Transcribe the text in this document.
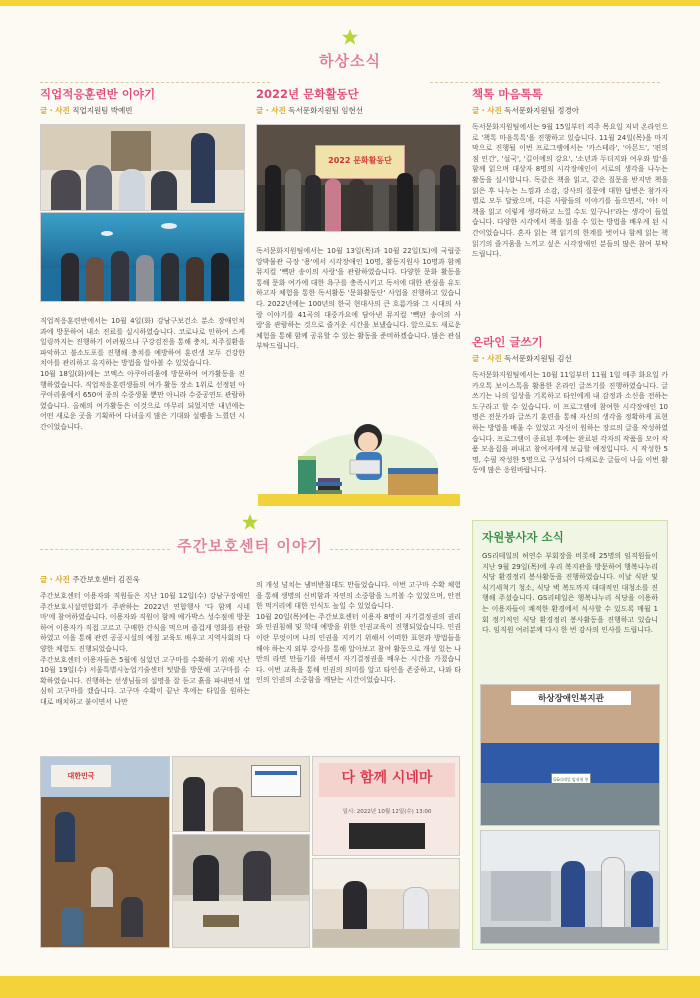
하상소식
직업적응훈련반 이야기
글 · 사진 직업지원팀 박예빈

직업적응훈련반에서는 10월 4일(화) 강남구보건소 분소 장애인치과에 방문하여 내소 진료를 실시하였습니다. 코로나로 인하여 스케일링까지는 진행하기 어려웠으나 구강검진을 통해 충치, 치주질환을 파악하고 불소도포를 진행해 충치를 예방하여 훈련생 모두 건강한 치아를 관리하고 유지하는 방법을 알아볼 수 있었습니다.

10월 18일(화)에는 코엑스 아쿠아리움에 방문하여 여가활동을 진행하였습니다. 직업적응훈련생들의 여가 활동 장소 1위로 선정된 아쿠아리움에서 650여 종의 수중생물 뿐만 아니라 수중공연도 관람하였습니다. 올해의 여가활동은 이것으로 마무리 되었지만 내년에는 어떤 새로운 곳을 기획하여 다녀올지 많은 기대와 설렘을 느꼈던 시간이었습니다.

2022년 문화활동단
글 · 사진 독서문화지원팀 임현선
2022 문화활동단

독서문화지원팀에서는 10월 13일(목)과 10월 22일(토)에 국립중앙박물관 극장 '용'에서 시각장애인 10명, 활동지원사 10명과 함께 뮤지컬 '빽판 송이의 사랑'을 관람하였습니다. 다양한 문화 활동을 통해 문화 여가에 대한 욕구를 충족시키고 독서에 대한 관심을 유도하고자 체험을 통한 독서활동 '문화활동단' 사업을 진행하고 있습니다. 2022년에는 100년의 한국 현대사의 큰 흐름가와 그 시대의 사랑 이야기를 41곡의 대중가요에 담아낸 뮤지컬 '빽판 송이의 사랑'을 관람하는 것으로 즐거운 시간을 보냈습니다. 앞으로도 새로운 체험을 통해 함께 공유할 수 있는 활동을 준비하겠습니다. 많은 관심 부탁드립니다.

책톡 마음톡톡
글 · 사진 독서문화지원팀 정경아

독서문화지원팀에서는 9월 15일부터 격주 목요일 저녁 온라인으로 '책톡 마음톡톡'을 진행하고 있습니다. 11월 24일(목)을 마지막으로 진행될 이번 프로그램에서는 '카스테라', '아몬드', '편의점 인간', '설국', '길이에의 강요', '소년과 두더지와 여우와 말'을 함께 읽으며 대상자 8명의 시각장애인이 서로의 생각을 나누는 활동을 실시합니다. 독같은 책을 읽고, 같은 질문을 받지만 책을 읽은 후 나누는 느낌과 소감, 강사의 질문에 대한 답변은 참가자별로 모두 달랐으며, 다른 사람들의 이야기를 들으면서, '아! 이 책을 읽고 이렇게 생각하고 느낄 수도 있구나!'라는 생각이 들었습니다. 다양한 시각에서 책을 읽을 수 있는 방법을 배우게 된 시간이었습니다. 혼자 읽는 책 읽기의 한계를 벗어나 함께 읽는 책 읽기의 즐거움을 느끼고 싶은 시각장애인 분들의 많은 참여 부탁드립니다.

온라인 글쓰기
글 · 사진 독서문화지원팀 김선

독서문화지원팀에서는 10월 11일부터 11월 1일 매주 화요일 카카오톡 보이스톡을 활용한 온라인 글쓰기를 진행하였습니다. 글쓰기는 나의 일상을 기록하고 타인에게 내 감정과 소신을 전하는 도구라고 할 수 있습니다. 이 프로그램에 참여한 시각장애인 10명은 전문가와 글쓰기 훈련을 통해 자신의 생각을 정확하게 표현하는 방법을 배울 수 있었고 자신이 원하는 장르의 글을 작성하였습니다. 프로그램이 종료된 후에는 완료된 각자의 작품을 모아 작품 모음집을 펴내고 참여자에게 보급할 예정입니다. 시 작성한 5명, 수필 작성한 5명으로 구성되어 다채로운 글들이 나올 이번 활동에 많은 응원바랍니다.

주간보호센터 이야기
글 · 사진 주간보호센터 김진욱

주간보호센터 이용자와 직원들은 지난 10월 12일(수) 강남구장애인주간보호시설연합회가 주관하는 2022년 연합행사 '다 함께 시네마'에 참여하였습니다. 이용자와 직원이 함께 예가박스 성수점에 방문하여 이용자가 직접 고르고 구매한 간식을 먹으며 즐겁게 영화를 관람하였고 이을 통해 관련 공공시설의 예절 교육도 배우고 지역사회의 다양한 체험도 진행되었습니다.

주간보호센터 이용자들은 5월에 심었던 고구마를 수확하기 위해 지난 10월 19일(수) 서울특별시농업기술센터 텃밭을 방문해 고구마를 수확하였습니다. 진행하는 선생님들의 설명을 잘 듣고 흙을 파내면서 열심히 고구마를 캤습니다. 고구마 수확이 끝난 후에는 타일을 원하는 대로 배치하고 붙이면서 나만

의 개성 넘치는 냄비받침대도 만들었습니다. 이번 고구마 수확 체험을 통해 생명의 신비함과 자연의 소중함을 느끼볼 수 있었으며, 안전한 먹거리에 대한 인식도 높일 수 있었습니다.

10월 20일(목)에는 주간보호센터 이용자 8명이 자기결정권의 권리와 인권침해 및 학대 예방을 위한 인권교육이 진행되었습니다. 인권이란 무엇이며 나의 인권을 지키기 위해서 어떠한 표현과 방법들을 해야 하는지 외부 강사를 통해 알아보고 참여 활동으로 개성 있는 나만의 라면 만들기를 하면서 자기결정권을 배우는 시간을 가졌습니다. 이번 교육을 통해 인권의 의미를 알고 타인을 존중하고, 나와 타인의 인권의 소중함을 깨닫는 시간이었습니다.

대한민국	다 함께 시네마
일시: 2022년 10월 12일(수) 13:00
자원봉사자 소식
GS리테일의 허연수 부회장을 비롯해 25명의 임직원들이 지난 9월 29일(목)에 우리 복지관을 방문하여 행복나누리 식당 환경정리 봉사활동을 진행하였습니다. 이날 식판 및 식기세척기 청소, 식당 벽 복도까지 대대적인 대청소를 진행해 주셨습니다. GS리테일은 행복나누리 식당을 이용하는 이용자들이 쾌적한 환경에서 식사할 수 있도록 매월 1회 정기적인 식당 환경정리 봉사활동을 진행하고 있습니다. 임직원 여러분께 다시 한 번 감사의 인사를 드립니다.
하상장애인복지관
GS리테일 임직원 봉
